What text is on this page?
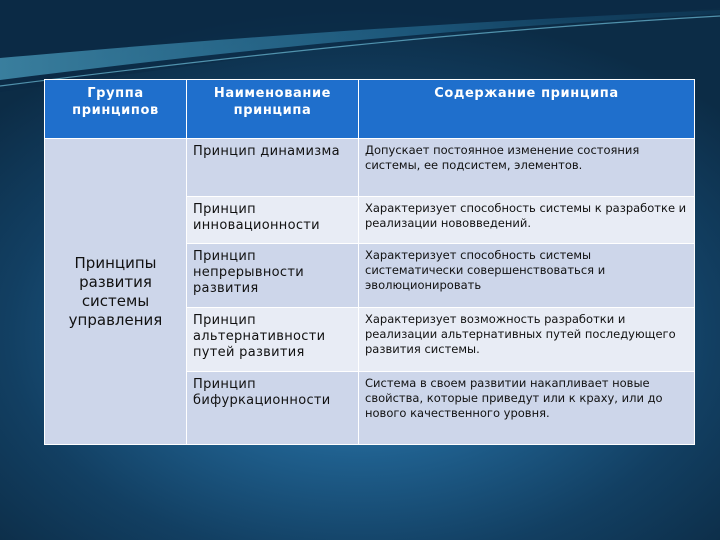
Группа принципов	Наименование принципа	Содержание принципа
Принципы развития системы управления	Принцип динамизма	Допускает постоянное изменение состояния системы, ее подсистем, элементов.
	Принцип инновационности	Характеризует способность системы к разработке и реализации нововведений.
	Принцип непрерывности развития	Характеризует способность системы систематически совершенствоваться и эволюционировать
	Принцип альтернативности путей развития	Характеризует возможность разработки и реализации альтернативных путей последующего развития системы.
	Принцип бифуркационности	Система в своем развитии накапливает новые свойства, которые приведут или к краху, или до нового качественного уровня.
